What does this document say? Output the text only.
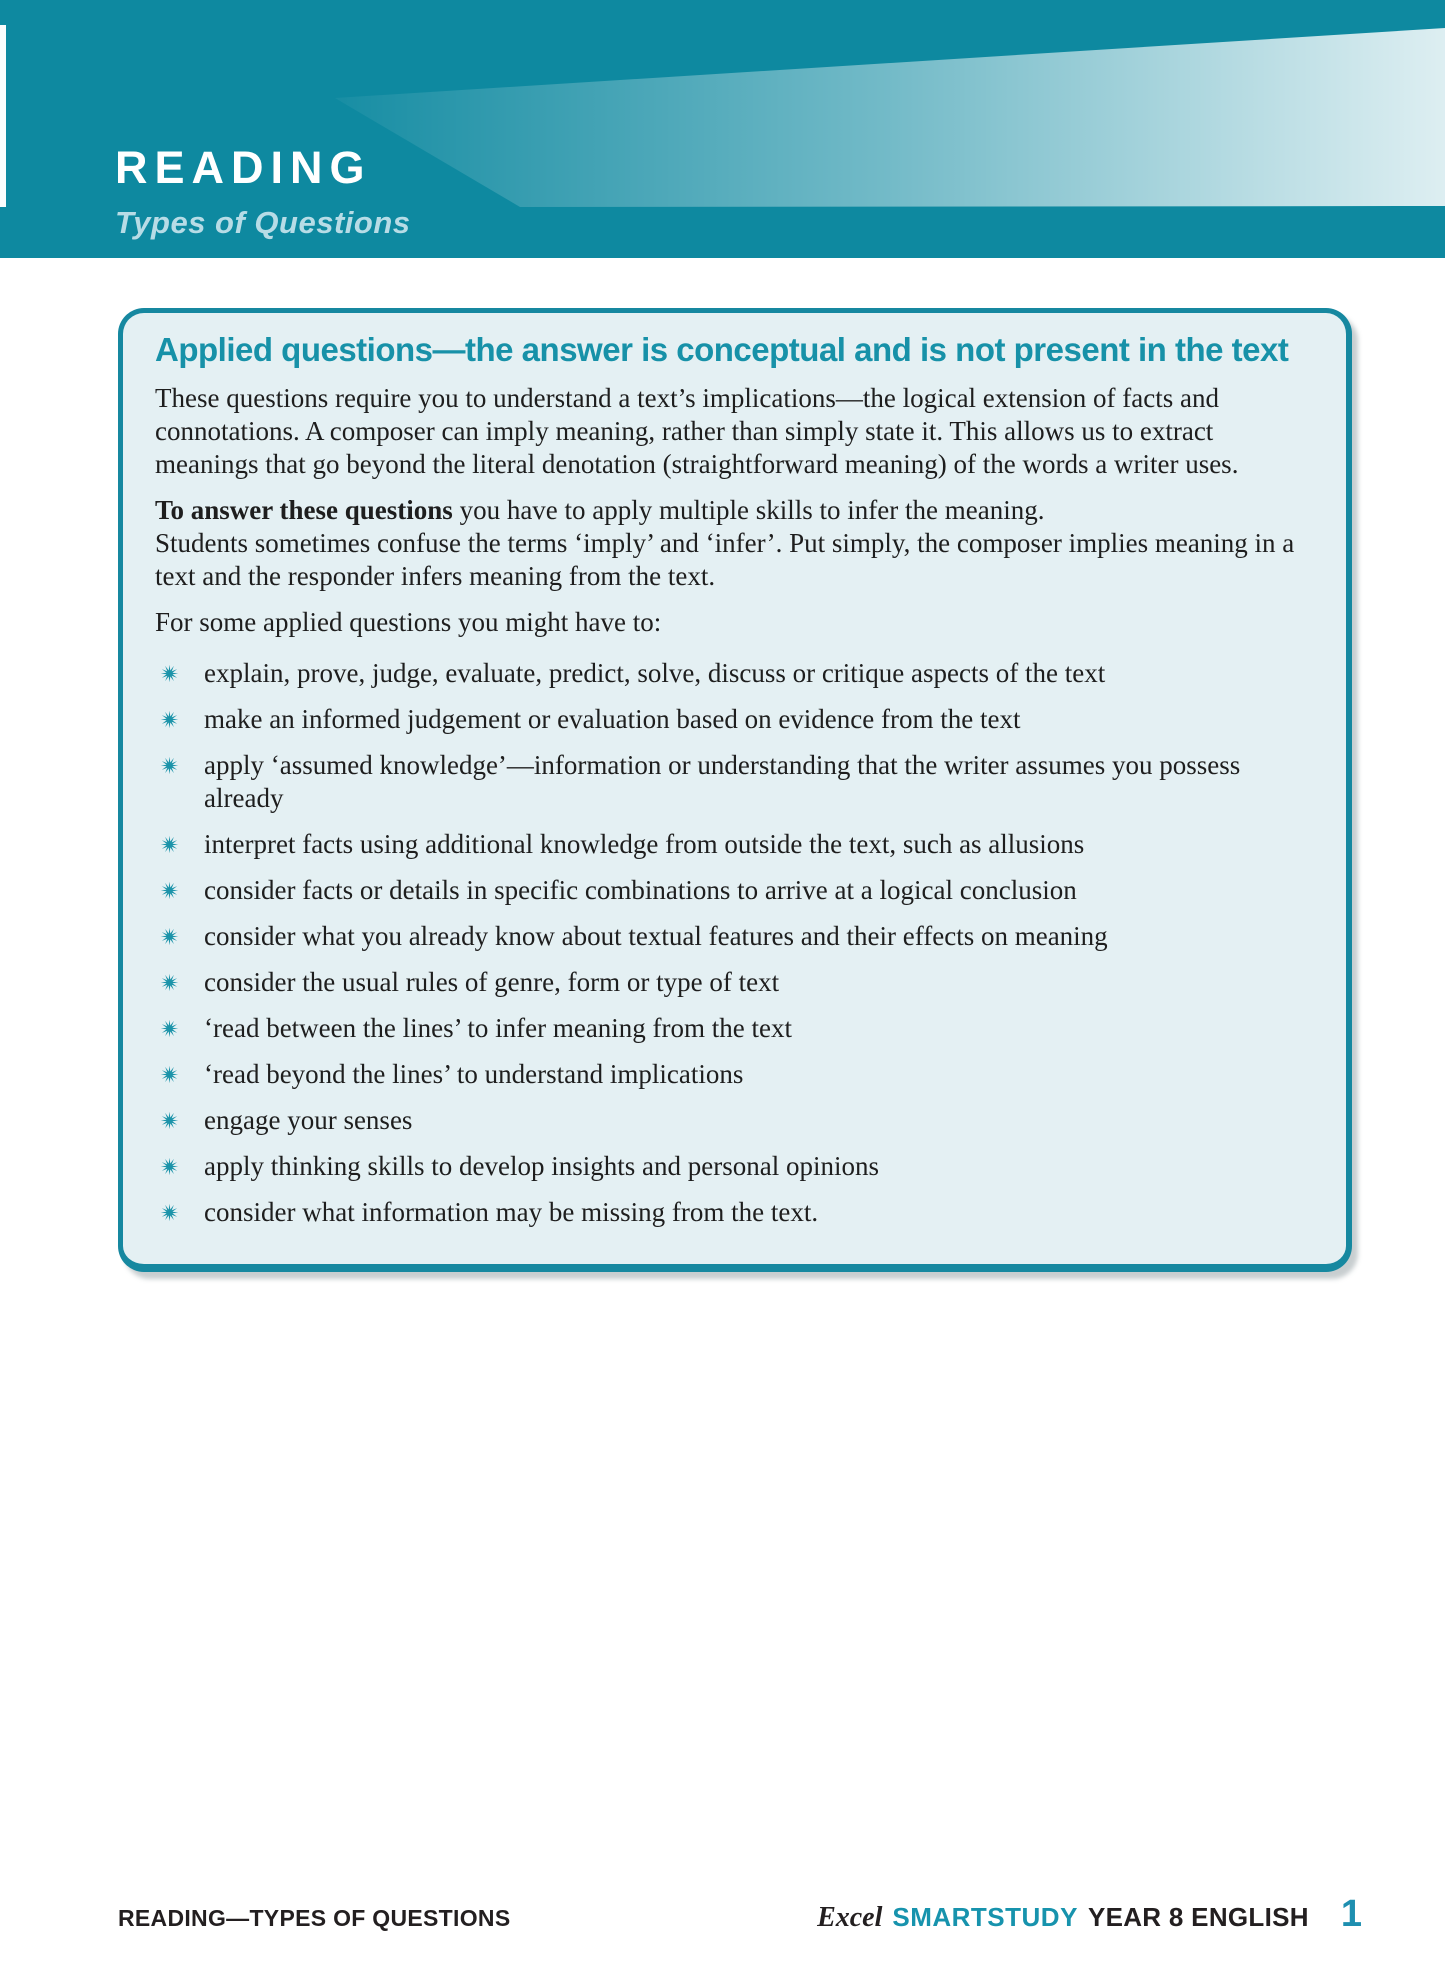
READING
Types of Questions
Applied questions—the answer is conceptual and is not present in the text

These questions require you to understand a text’s implications—the logical extension of facts and connotations. A composer can imply meaning, rather than simply state it. This allows us to extract meanings that go beyond the literal denotation (straightforward meaning) of the words a writer uses.

To answer these questions you have to apply multiple skills to infer the meaning.

Students sometimes confuse the terms ‘imply’ and ‘infer’. Put simply, the composer implies meaning in a text and the responder infers meaning from the text.

For some applied questions you might have to:

explain, prove, judge, evaluate, predict, solve, discuss or critique aspects of the text
make an informed judgement or evaluation based on evidence from the text
apply ‘assumed knowledge’—information or understanding that the writer assumes you possess already
interpret facts using additional knowledge from outside the text, such as allusions
consider facts or details in specific combinations to arrive at a logical conclusion
consider what you already know about textual features and their effects on meaning
consider the usual rules of genre, form or type of text
‘read between the lines’ to infer meaning from the text
‘read beyond the lines’ to understand implications
engage your senses
apply thinking skills to develop insights and personal opinions
consider what information may be missing from the text.
READING—TYPES OF QUESTIONS	Excel SMARTSTUDY YEAR 8 ENGLISH 1
